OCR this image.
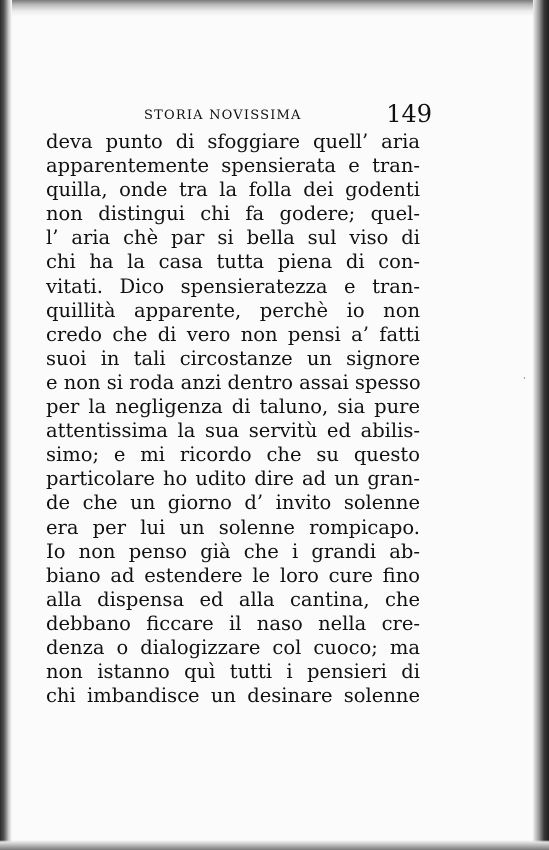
STORIA NOVISSIMA	149
deva punto di sfoggiare quell’ aria
apparentemente spensierata e tran-
quilla, onde tra la folla dei godenti
non distingui chi fa godere; quel-
l’ aria chè par si bella sul viso di
chi ha la casa tutta piena di con-
vitati. Dico spensieratezza e tran-
quillità apparente, perchè io non
credo che di vero non pensi a’ fatti
suoi in tali circostanze un signore
e non si roda anzi dentro assai spesso
per la negligenza di taluno, sia pure
attentissima la sua servitù ed abilis-
simo; e mi ricordo che su questo
particolare ho udito dire ad un gran-
de che un giorno d’ invito solenne
era per lui un solenne rompicapo.
Io non penso già che i grandi ab-
biano ad estendere le loro cure fino
alla dispensa ed alla cantina, che
debbano ficcare il naso nella cre-
denza o dialogizzare col cuoco; ma
non istanno quì tutti i pensieri di
chi imbandisce un desinare solenne
·
